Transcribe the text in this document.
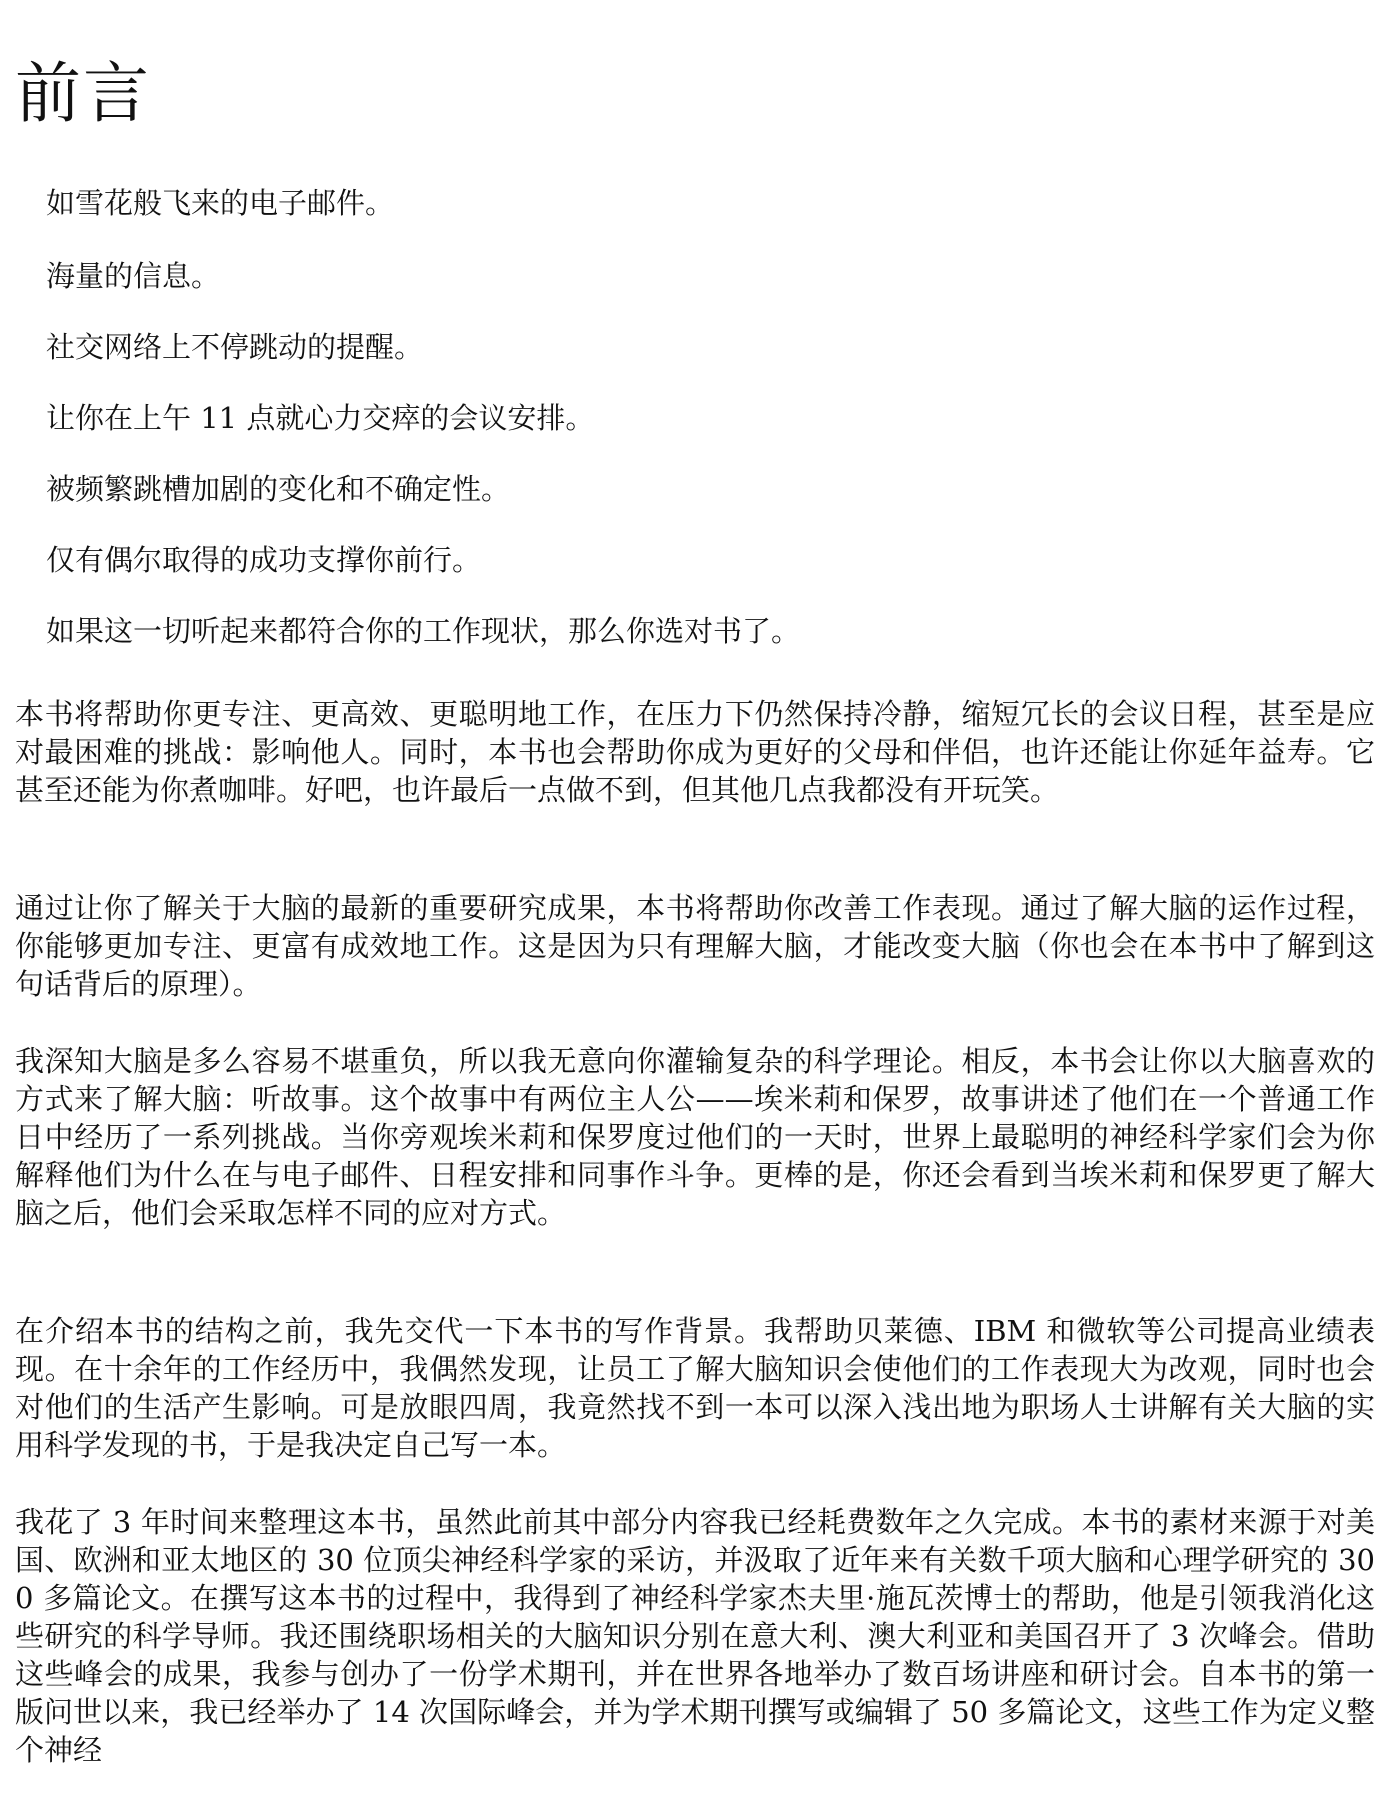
前言

如雪花般飞来的电子邮件。

海量的信息。

社交网络上不停跳动的提醒。

让你在上午 11 点就心力交瘁的会议安排。

被频繁跳槽加剧的变化和不确定性。

仅有偶尔取得的成功支撑你前行。

如果这一切听起来都符合你的工作现状，那么你选对书了。

本书将帮助你更专注、更高效、更聪明地工作，在压力下仍然保持冷静，缩短冗长的会议日程，甚至是应对最困难的挑战：影响他人。同时，本书也会帮助你成为更好的父母和伴侣，也许还能让你延年益寿。它甚至还能为你煮咖啡。好吧，也许最后一点做不到，但其他几点我都没有开玩笑。

通过让你了解关于大脑的最新的重要研究成果，本书将帮助你改善工作表现。通过了解大脑的运作过程，你能够更加专注、更富有成效地工作。这是因为只有理解大脑，才能改变大脑（你也会在本书中了解到这句话背后的原理）。

我深知大脑是多么容易不堪重负，所以我无意向你灌输复杂的科学理论。相反，本书会让你以大脑喜欢的方式来了解大脑：听故事。这个故事中有两位主人公——埃米莉和保罗，故事讲述了他们在一个普通工作日中经历了一系列挑战。当你旁观埃米莉和保罗度过他们的一天时，世界上最聪明的神经科学家们会为你解释他们为什么在与电子邮件、日程安排和同事作斗争。更棒的是，你还会看到当埃米莉和保罗更了解大脑之后，他们会采取怎样不同的应对方式。

在介绍本书的结构之前，我先交代一下本书的写作背景。我帮助贝莱德、IBM 和微软等公司提高业绩表现。在十余年的工作经历中，我偶然发现，让员工了解大脑知识会使他们的工作表现大为改观，同时也会对他们的生活产生影响。可是放眼四周，我竟然找不到一本可以深入浅出地为职场人士讲解有关大脑的实用科学发现的书，于是我决定自己写一本。

我花了 3 年时间来整理这本书，虽然此前其中部分内容我已经耗费数年之久完成。本书的素材来源于对美国、欧洲和亚太地区的 30 位顶尖神经科学家的采访，并汲取了近年来有关数千项大脑和心理学研究的 300 多篇论文。在撰写这本书的过程中，我得到了神经科学家杰夫里·施瓦茨博士的帮助，他是引领我消化这些研究的科学导师。我还围绕职场相关的大脑知识分别在意大利、澳大利亚和美国召开了 3 次峰会。借助这些峰会的成果，我参与创办了一份学术期刊，并在世界各地举办了数百场讲座和研讨会。自本书的第一版问世以来，我已经举办了 14 次国际峰会，并为学术期刊撰写或编辑了 50 多篇论文，这些工作为定义整个神经
